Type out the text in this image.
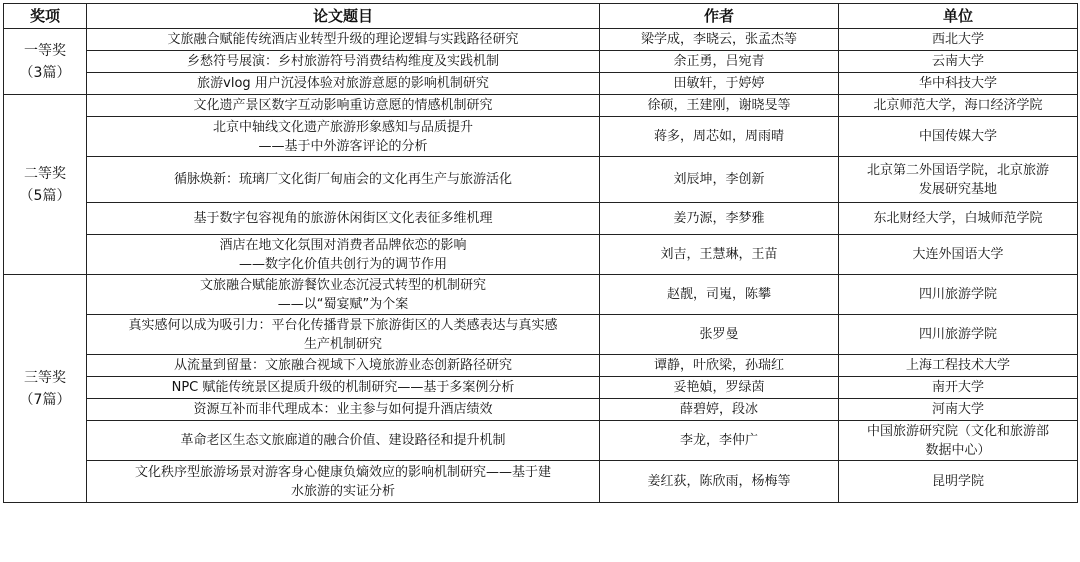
奖项	论文题目	作者	单位

一等奖
（3篇）	文旅融合赋能传统酒店业转型升级的理论逻辑与实践路径研究	梁学成，李晓云，张孟杰等	西北大学

	乡愁符号展演：乡村旅游符号消费结构维度及实践机制	余正勇，吕宛青	云南大学

	旅游vlog 用户沉浸体验对旅游意愿的影响机制研究	田敏轩，于婷婷	华中科技大学

二等奖
（5篇）	文化遗产景区数字互动影响重访意愿的情感机制研究	徐硕，王建刚，谢晓旻等	北京师范大学，海口经济学院

	北京中轴线文化遗产旅游形象感知与品质提升
——基于中外游客评论的分析	蒋多，周芯如，周雨晴	中国传媒大学

	循脉焕新：琉璃厂文化街厂甸庙会的文化再生产与旅游活化	刘辰坤，李创新	北京第二外国语学院，北京旅游
发展研究基地

	基于数字包容视角的旅游休闲街区文化表征多维机理	姜乃源，李梦雅	东北财经大学，白城师范学院

	酒店在地文化氛围对消费者品牌依恋的影响
——数字化价值共创行为的调节作用	刘吉，王慧琳，王苗	大连外国语大学

三等奖
（7篇）	文旅融合赋能旅游餐饮业态沉浸式转型的机制研究
——以“蜀宴赋”为个案	赵靓，司嵬，陈攀	四川旅游学院

	真实感何以成为吸引力：平台化传播背景下旅游街区的人类感表达与真实感
生产机制研究	张罗曼	四川旅游学院

	从流量到留量：文旅融合视域下入境旅游业态创新路径研究	谭静，叶欣梁，孙瑞红	上海工程技术大学

	NPC 赋能传统景区提质升级的机制研究——基于多案例分析	妥艳媜，罗绿茵	南开大学

	资源互补而非代理成本：业主参与如何提升酒店绩效	薛碧婷，段冰	河南大学

	革命老区生态文旅廊道的融合价值、建设路径和提升机制	李龙，李仲广	中国旅游研究院（文化和旅游部
数据中心）

	文化秩序型旅游场景对游客身心健康负熵效应的影响机制研究——基于建
水旅游的实证分析	姜红荻，陈欣雨，杨梅等	昆明学院
